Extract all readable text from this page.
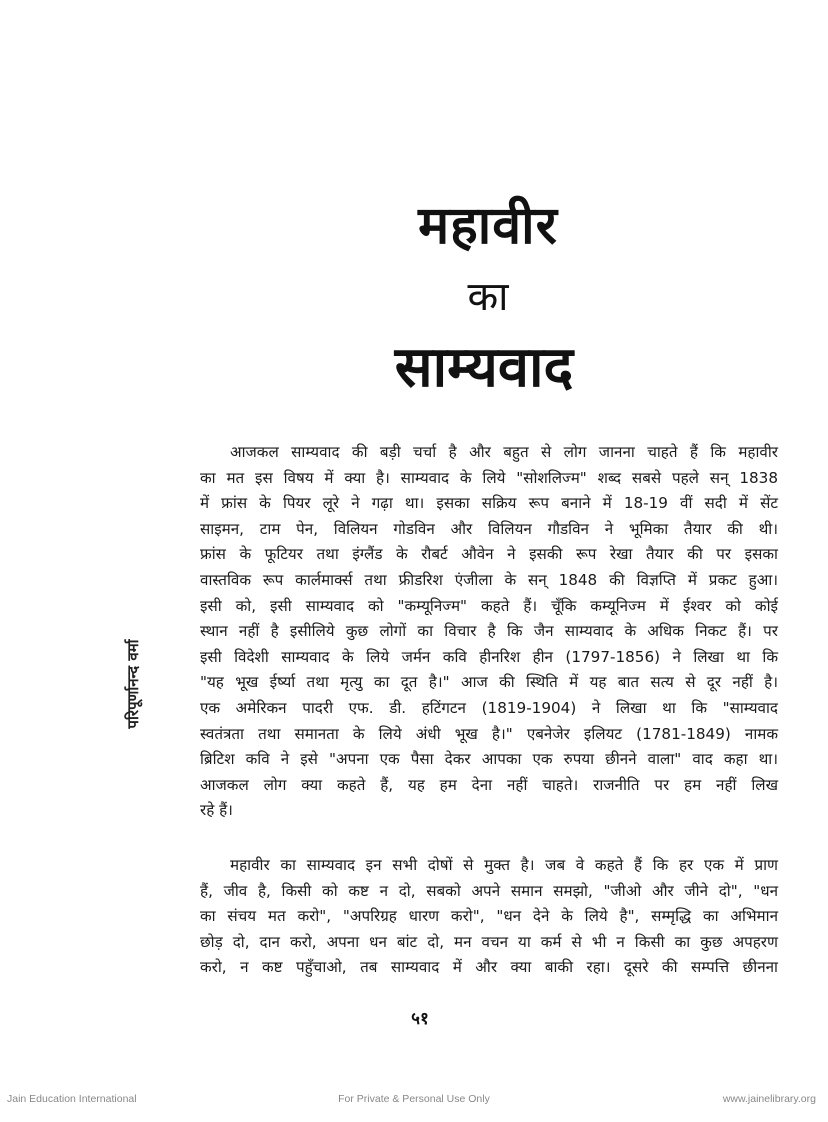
महावीर
का
साम्यवाद
परिपूर्णानन्द वर्मा
आजकल साम्यवाद की बड़ी चर्चा है और बहुत से लोग जानना चाहते हैं कि महावीर
का मत इस विषय में क्या है। साम्यवाद के लिये "सोशलिज्म" शब्द सबसे पहले सन् 1838
में फ्रांस के पियर लूरे ने गढ़ा था। इसका सक्रिय रूप बनाने में 18-19 वीं सदी में सेंट
साइमन, टाम पेन, विलियन गोडविन और विलियन गौडविन ने भूमिका तैयार की थी।
फ्रांस के फूटियर तथा इंग्लैंड के रौबर्ट औवेन ने इसकी रूप रेखा तैयार की पर इसका
वास्तविक रूप कार्लमार्क्स तथा फ्रीडरिश एंजीला के सन् 1848 की विज्ञप्ति में प्रकट हुआ।
इसी को, इसी साम्यवाद को "कम्यूनिज्म" कहते हैं। चूँकि कम्यूनिज्म में ईश्वर को कोई
स्थान नहीं है इसीलिये कुछ लोगों का विचार है कि जैन साम्यवाद के अधिक निकट हैं। पर
इसी विदेशी साम्यवाद के लिये जर्मन कवि हीनरिश हीन (1797-1856) ने लिखा था कि
"यह भूख ईर्ष्या तथा मृत्यु का दूत है।" आज की स्थिति में यह बात सत्य से दूर नहीं है।
एक अमेरिकन पादरी एफ. डी. हटिंगटन (1819-1904) ने लिखा था कि "साम्यवाद
स्वतंत्रता तथा समानता के लिये अंधी भूख है।" एबनेजेर इलियट (1781-1849) नामक
ब्रिटिश कवि ने इसे "अपना एक पैसा देकर आपका एक रुपया छीनने वाला" वाद कहा था।
आजकल लोग क्या कहते हैं, यह हम देना नहीं चाहते। राजनीति पर हम नहीं लिख
रहे हैं।
महावीर का साम्यवाद इन सभी दोषों से मुक्त है। जब वे कहते हैं कि हर एक में प्राण
हैं, जीव है, किसी को कष्ट न दो, सबको अपने समान समझो, "जीओ और जीने दो", "धन
का संचय मत करो", "अपरिग्रह धारण करो", "धन देने के लिये है", सम्मृद्धि का अभिमान
छोड़ दो, दान करो, अपना धन बांट दो, मन वचन या कर्म से भी न किसी का कुछ अपहरण
करो, न कष्ट पहुँचाओ, तब साम्यवाद में और क्या बाकी रहा। दूसरे की सम्पत्ति छीनना
५१
Jain Education International	For Private & Personal Use Only	www.jainelibrary.org
